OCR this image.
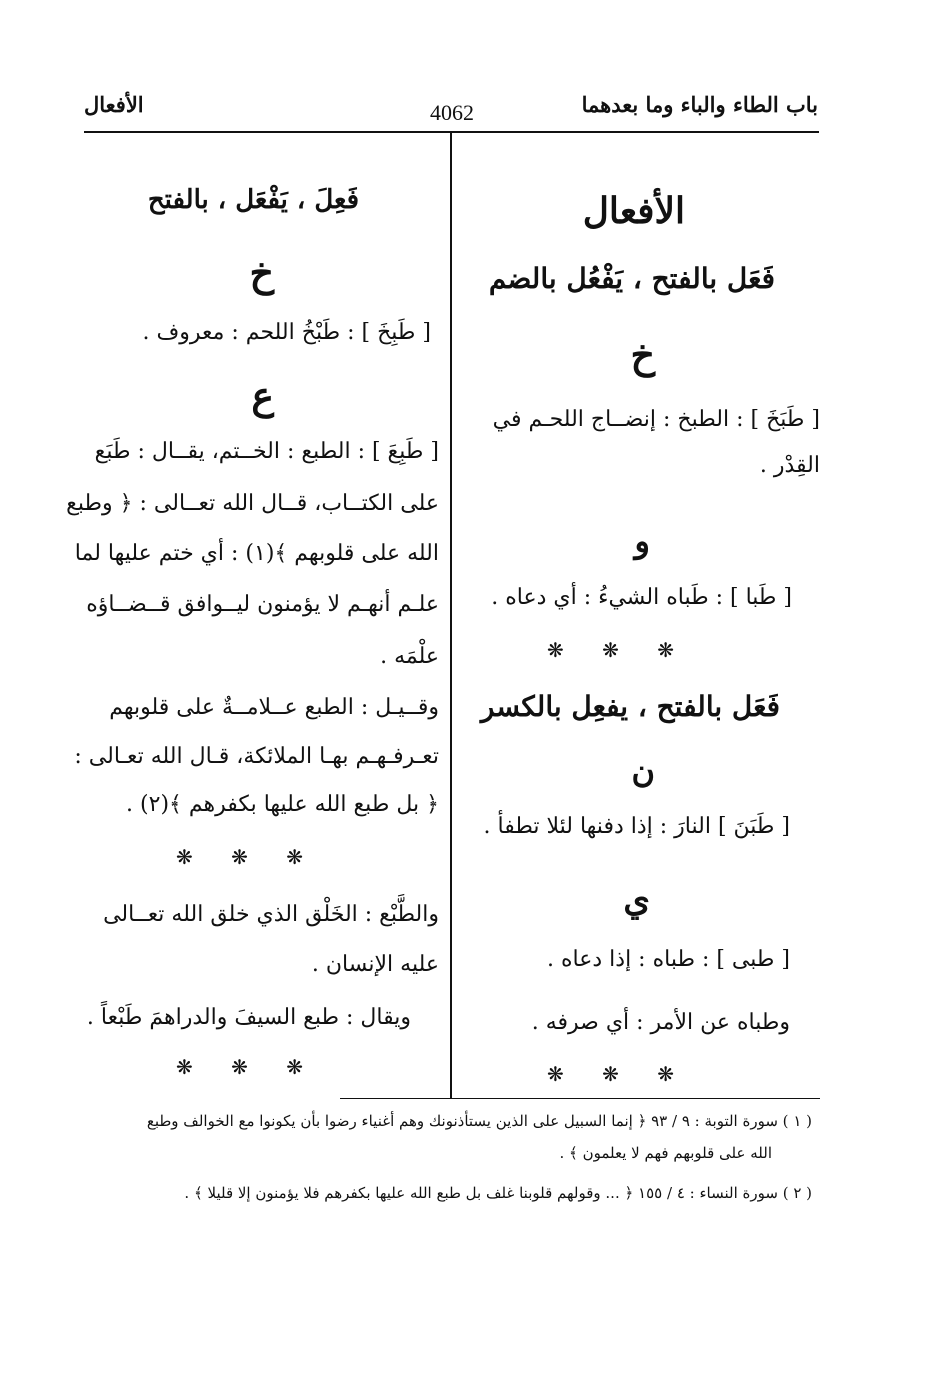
باب الطاء والباء وما بعدهما
4062
الأفعال
الأفعال
فَعَل بالفتح ، يَفْعُل بالضم
خ
[ طَبَخَ ] : الطبخ : إنضــاج اللحـم في
القِدْر .
و
[ طَبا ] : طَباه الشيءُ : أي دعاه .
❋ ❋ ❋
فَعَل بالفتح ، يفعِل بالكسر
ن
[ طَبَنَ ] النارَ : إذا دفنها لئلا تطفأ .
ي
[ طبى ] : طباه : إذا دعاه .
وطباه عن الأمر : أي صرفه .
❋ ❋ ❋
فَعِلَ ، يَفْعَل ، بالفتح
خ
[ طَبِخَ ] : طَبْخُ اللحم : معروف .
ع
[ طَبِعَ ] : الطبع : الخــتم، يقــال : طَبَع
على الكتــاب، قــال الله تعــالى : ﴿ وطبع
الله على قلوبهم ﴾(١) : أي ختم عليها لما
علـم أنهـم لا يؤمنون ليــوافق قــضــاؤه
علْمَه .
وقــيـل : الطبع عــلامــةٌ على قلوبهم
تعـرفـهـم بهـا الملائكة، قـال الله تعـالى :
﴿ بل طبع الله عليها بكفرهم ﴾(٢) .
❋ ❋ ❋
والطَّبْع : الخَلْق الذي خلق الله تعــالى
عليه الإنسان .
ويقال : طبع السيفَ والدراهمَ طَبْعاً .
❋ ❋ ❋
( ١ ) سورة التوبة : ٩ / ٩٣ ﴿ إنما السبيل على الذين يستأذنونك وهم أغنياء رضوا بأن يكونوا مع الخوالف وطبع
الله على قلوبهم فهم لا يعلمون ﴾ .
( ٢ ) سورة النساء : ٤ / ١٥٥ ﴿ ... وقولهم قلوبنا غلف بل طبع الله عليها بكفرهم فلا يؤمنون إلا قليلا ﴾ .
